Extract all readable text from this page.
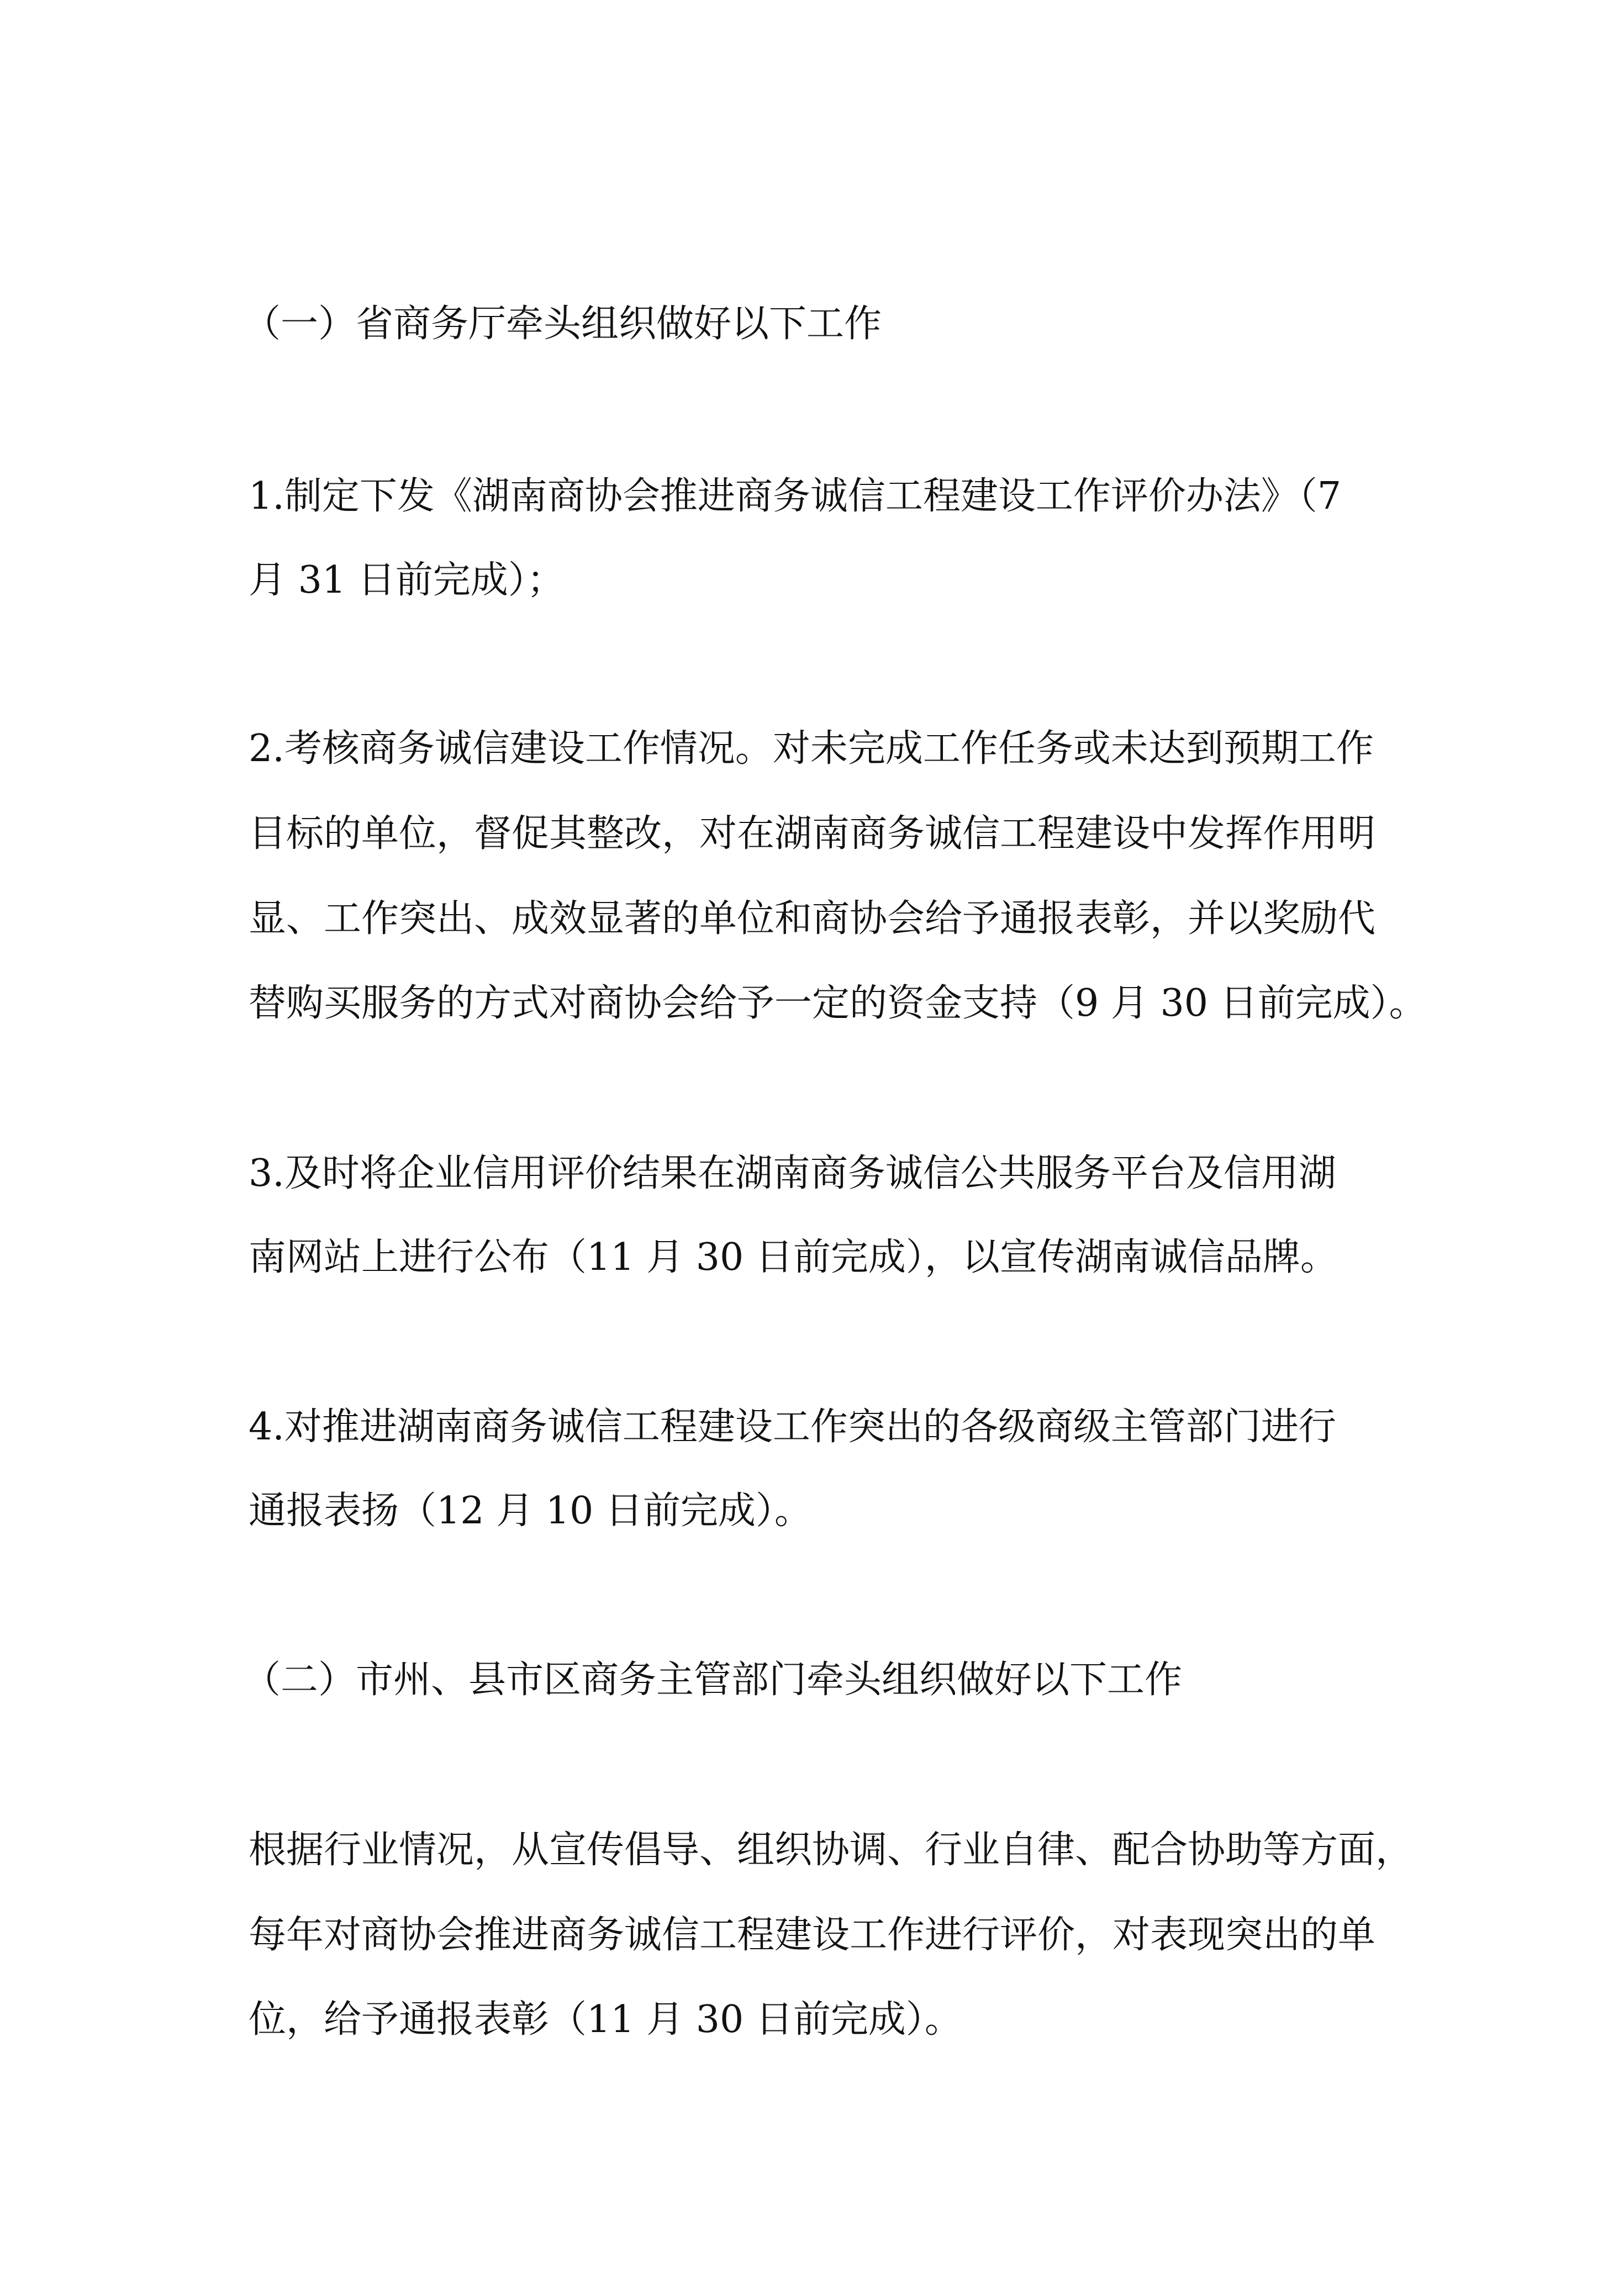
（一）省商务厅牵头组织做好以下工作

1.制定下发《湖南商协会推进商务诚信工程建设工作评价办法》（7

月 31 日前完成）；

2.考核商务诚信建设工作情况。对未完成工作任务或未达到预期工作

目标的单位，督促其整改，对在湖南商务诚信工程建设中发挥作用明

显、工作突出、成效显著的单位和商协会给予通报表彰，并以奖励代

替购买服务的方式对商协会给予一定的资金支持（9 月 30 日前完成）。

3.及时将企业信用评价结果在湖南商务诚信公共服务平台及信用湖

南网站上进行公布（11 月 30 日前完成），以宣传湖南诚信品牌。

4.对推进湖南商务诚信工程建设工作突出的各级商级主管部门进行

通报表扬（12 月 10 日前完成）。

（二）市州、县市区商务主管部门牵头组织做好以下工作

根据行业情况，从宣传倡导、组织协调、行业自律、配合协助等方面，

每年对商协会推进商务诚信工程建设工作进行评价，对表现突出的单

位，给予通报表彰（11 月 30 日前完成）。
